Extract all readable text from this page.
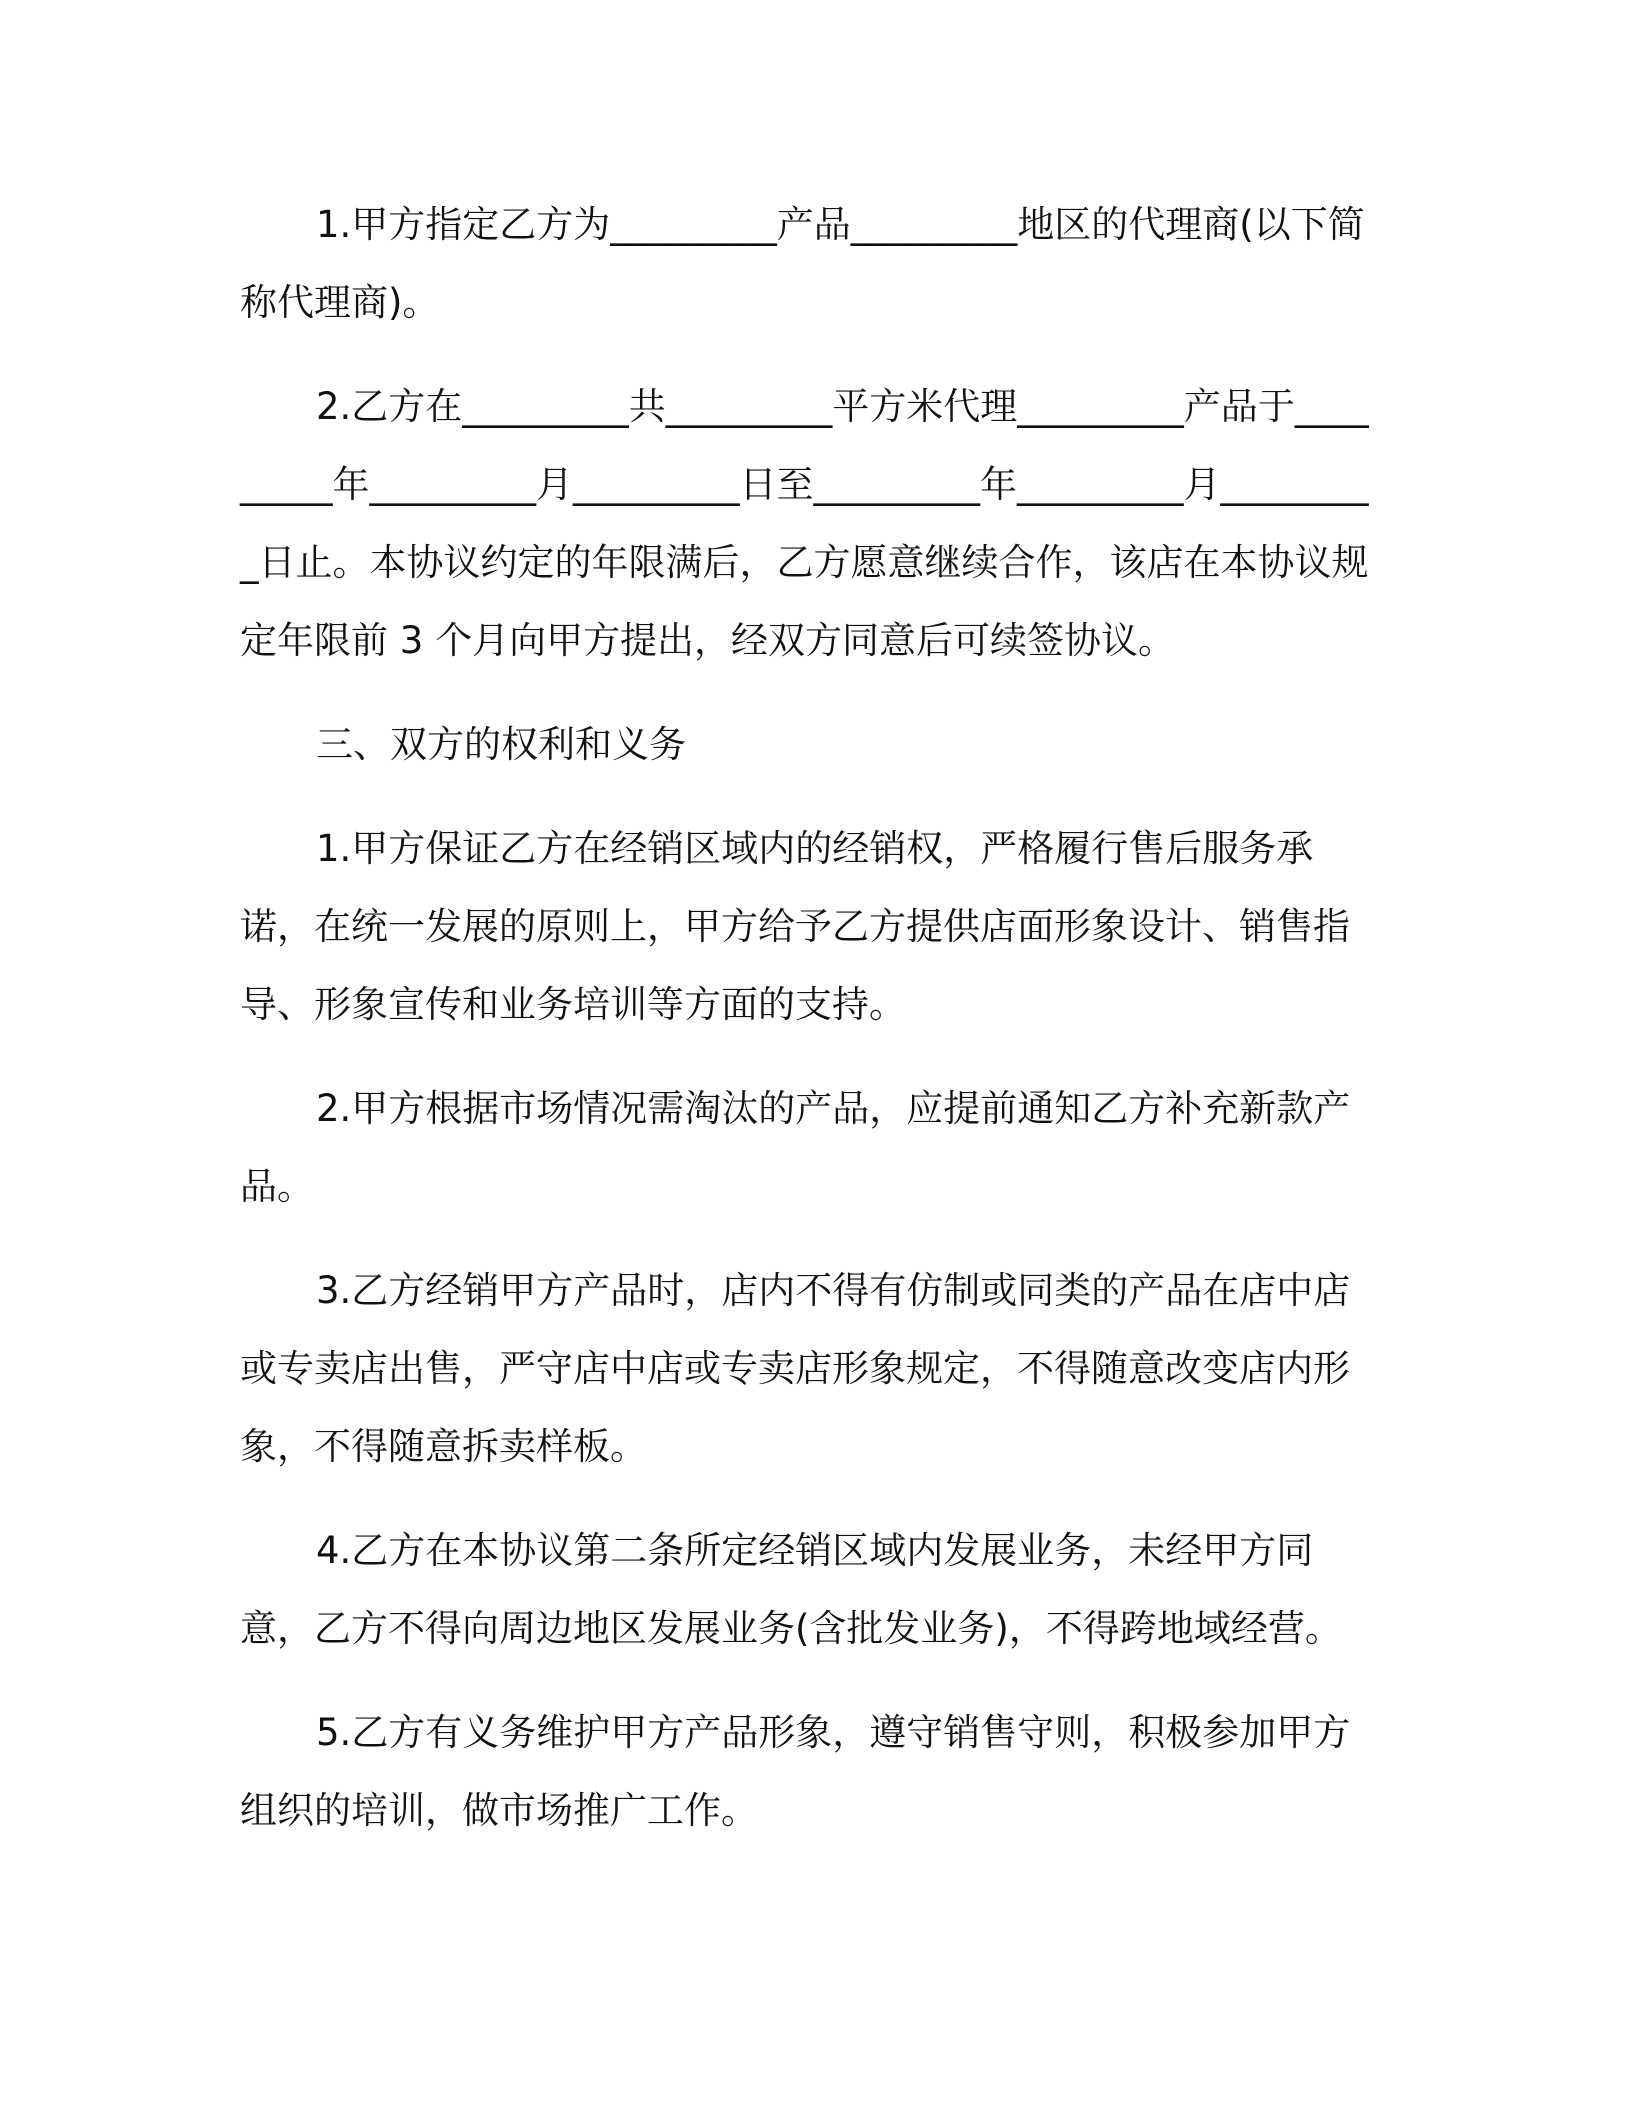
1.甲方指定乙方为_________产品_________地区的代理商(以下简称代理商)。

2.乙方在_________共_________平方米代理_________产品于_________年_________月_________日至_________年_________月_________日止。本协议约定的年限满后，乙方愿意继续合作，该店在本协议规定年限前 3 个月向甲方提出，经双方同意后可续签协议。

三、双方的权利和义务

1.甲方保证乙方在经销区域内的经销权，严格履行售后服务承诺，在统一发展的原则上，甲方给予乙方提供店面形象设计、销售指导、形象宣传和业务培训等方面的支持。

2.甲方根据市场情况需淘汰的产品，应提前通知乙方补充新款产品。

3.乙方经销甲方产品时，店内不得有仿制或同类的产品在店中店或专卖店出售，严守店中店或专卖店形象规定，不得随意改变店内形象，不得随意拆卖样板。

4.乙方在本协议第二条所定经销区域内发展业务，未经甲方同意，乙方不得向周边地区发展业务(含批发业务)，不得跨地域经营。

5.乙方有义务维护甲方产品形象，遵守销售守则，积极参加甲方组织的培训，做市场推广工作。
